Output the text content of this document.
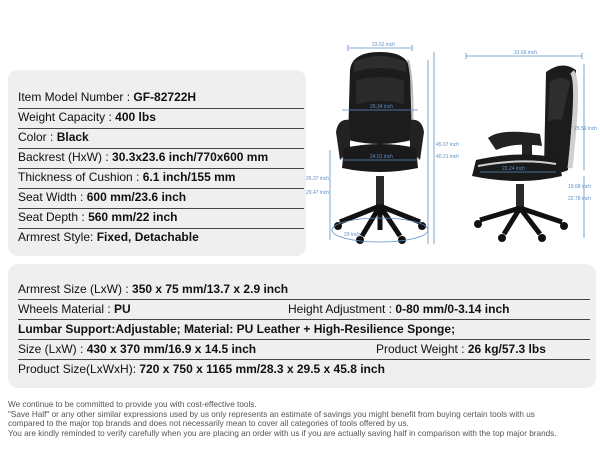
23.62 inch
26.34 inch
24.01 inch
29 inch
45.07 inch
40.21 inch
26.37 inch
29.47 inch
31.69 inch
22.24 inch
25.59 inch
19.68 inch
22.78 inch
Item Model Number : GF-82722H
Weight Capacity : 400 lbs
Color : Black
Backrest (HxW) : 30.3x23.6 inch/770x600 mm
Thickness of Cushion : 6.1 inch/155 mm
Seat Width : 600 mm/23.6 inch
Seat Depth : 560 mm/22 inch
Armrest Style: Fixed, Detachable
Armrest Size (LxW) : 350 x 75 mm/13.7 x 2.9 inch
Wheels Material : PU	Height Adjustment : 0-80 mm/0-3.14 inch
Lumbar Support:Adjustable; Material: PU Leather + High-Resilience Sponge;
Size (LxW) : 430 x 370 mm/16.9 x 14.5 inch	Product Weight : 26 kg/57.3 lbs
Product Size(LxWxH): 720 x 750 x 1165 mm/28.3 x 29.5 x 45.8 inch
We continue to be committed to provide you with cost-effective tools.
"Save Half" or any other similar expressions used by us only represents an estimate of savings you might benefit from buying certain tools with us
compared to the major top brands and does not necessarily mean to cover all categories of tools offered by us.
You are kindly reminded to verify carefully when you are placing an order with us if you are actually saving half in comparison with the top major brands.
